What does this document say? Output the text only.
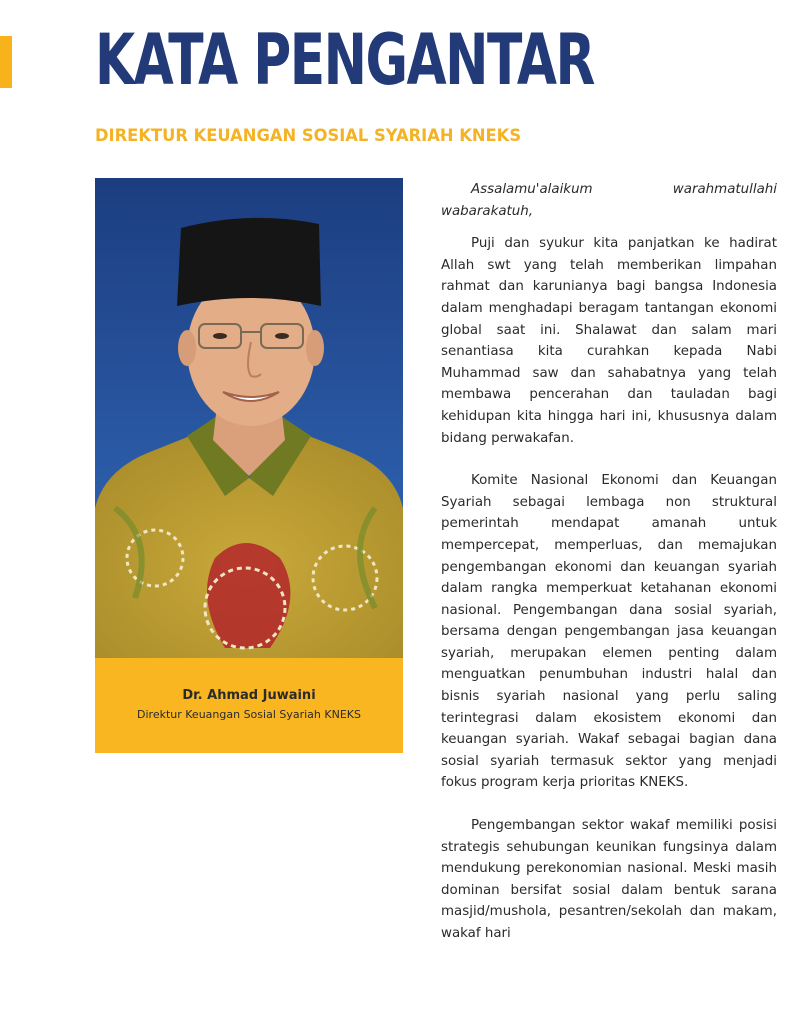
KATA PENGANTAR
DIREKTUR KEUANGAN SOSIAL SYARIAH KNEKS
Dr. Ahmad Juwaini
Direktur Keuangan Sosial Syariah KNEKS

Assalamu'alaikum warahmatullahi wabarakatuh,

Puji dan syukur kita panjatkan ke hadirat Allah swt yang telah memberikan limpahan rahmat dan karunianya bagi bangsa Indonesia dalam menghadapi beragam tantangan ekonomi global saat ini. Shalawat dan salam mari senantiasa kita curahkan kepada Nabi Muhammad saw dan sahabatnya yang telah membawa pencerahan dan tauladan bagi kehidupan kita hingga hari ini, khususnya dalam bidang perwakafan.

Komite Nasional Ekonomi dan Keuangan Syariah sebagai lembaga non struktural pemerintah mendapat amanah untuk mempercepat, memperluas, dan memajukan pengembangan ekonomi dan keuangan syariah dalam rangka memperkuat ketahanan ekonomi nasional. Pengembangan dana sosial syariah, bersama dengan pengembangan jasa keuangan syariah, merupakan elemen penting dalam menguatkan penumbuhan industri halal dan bisnis syariah nasional yang perlu saling terintegrasi dalam ekosistem ekonomi dan keuangan syariah. Wakaf sebagai bagian dana sosial syariah termasuk sektor yang menjadi fokus program kerja prioritas KNEKS.

Pengembangan sektor wakaf memiliki posisi strategis sehubungan keunikan fungsinya dalam mendukung perekonomian nasional. Meski masih dominan bersifat sosial dalam bentuk sarana masjid/mushola, pesantren/sekolah dan makam, wakaf hari
